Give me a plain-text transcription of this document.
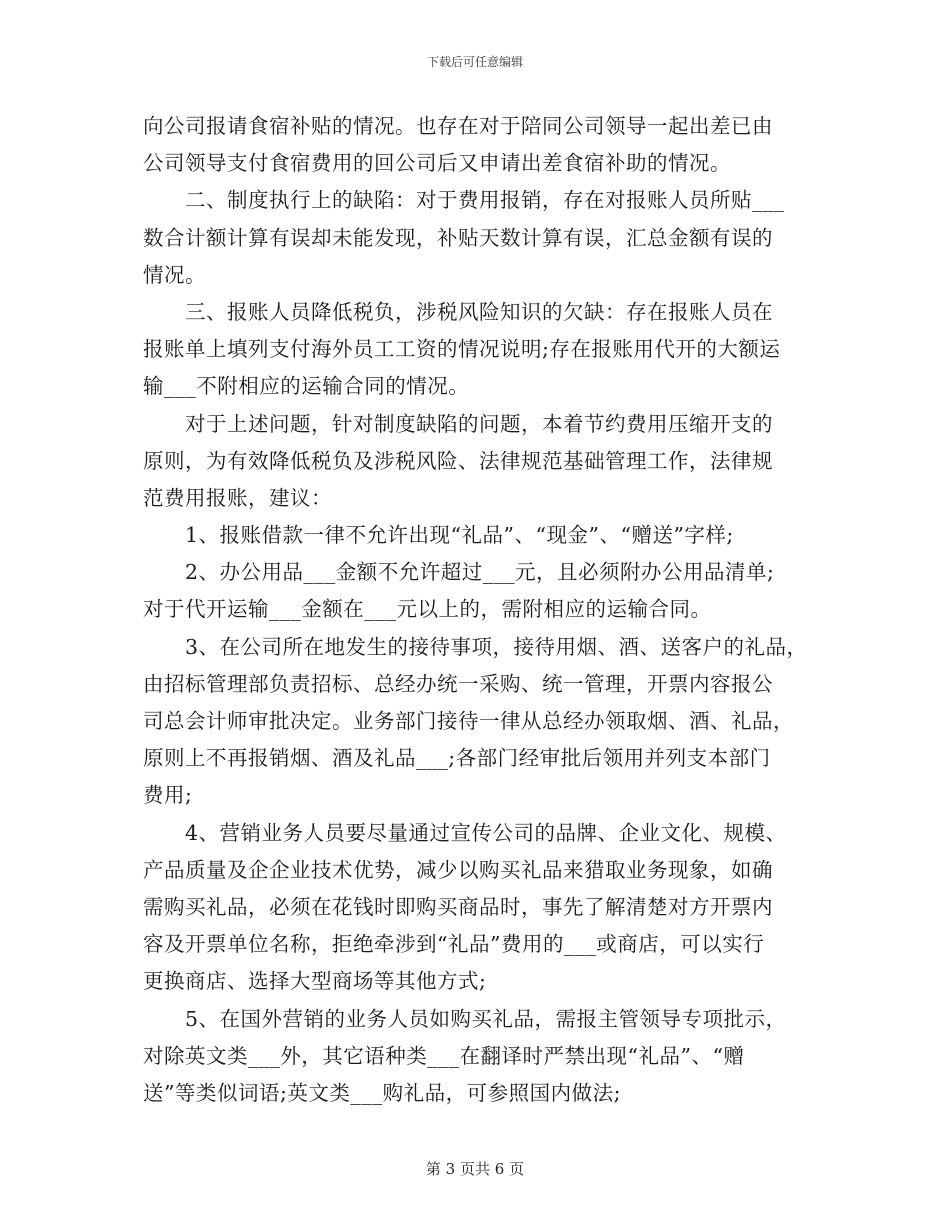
下载后可任意编辑
向公司报请食宿补贴的情况。也存在对于陪同公司领导一起出差已由
公司领导支付食宿费用的回公司后又申请出差食宿补助的情况。
二、制度执行上的缺陷：对于费用报销，存在对报账人员所贴___
数合计额计算有误却未能发现，补贴天数计算有误，汇总金额有误的
情况。
三、报账人员降低税负，涉税风险知识的欠缺：存在报账人员在
报账单上填列支付海外员工工资的情况说明;存在报账用代开的大额运
输___不附相应的运输合同的情况。
对于上述问题，针对制度缺陷的问题，本着节约费用压缩开支的
原则，为有效降低税负及涉税风险、法律规范基础管理工作，法律规
范费用报账，建议：
1、报账借款一律不允许出现“礼品”、“现金”、“赠送”字样;
2、办公用品___金额不允许超过___元，且必须附办公用品清单;
对于代开运输___金额在___元以上的，需附相应的运输合同。
3、在公司所在地发生的接待事项，接待用烟、酒、送客户的礼品，
由招标管理部负责招标、总经办统一采购、统一管理，开票内容报公
司总会计师审批决定。业务部门接待一律从总经办领取烟、酒、礼品，
原则上不再报销烟、酒及礼品___;各部门经审批后领用并列支本部门
费用;
4、营销业务人员要尽量通过宣传公司的品牌、企业文化、规模、
产品质量及企企业技术优势，减少以购买礼品来猎取业务现象，如确
需购买礼品，必须在花钱时即购买商品时，事先了解清楚对方开票内
容及开票单位名称，拒绝牵涉到“礼品”费用的___或商店，可以实行
更换商店、选择大型商场等其他方式;
5、在国外营销的业务人员如购买礼品，需报主管领导专项批示，
对除英文类___外，其它语种类___在翻译时严禁出现“礼品”、“赠
送”等类似词语;英文类___购礼品，可参照国内做法;
第 3 页共 6 页
